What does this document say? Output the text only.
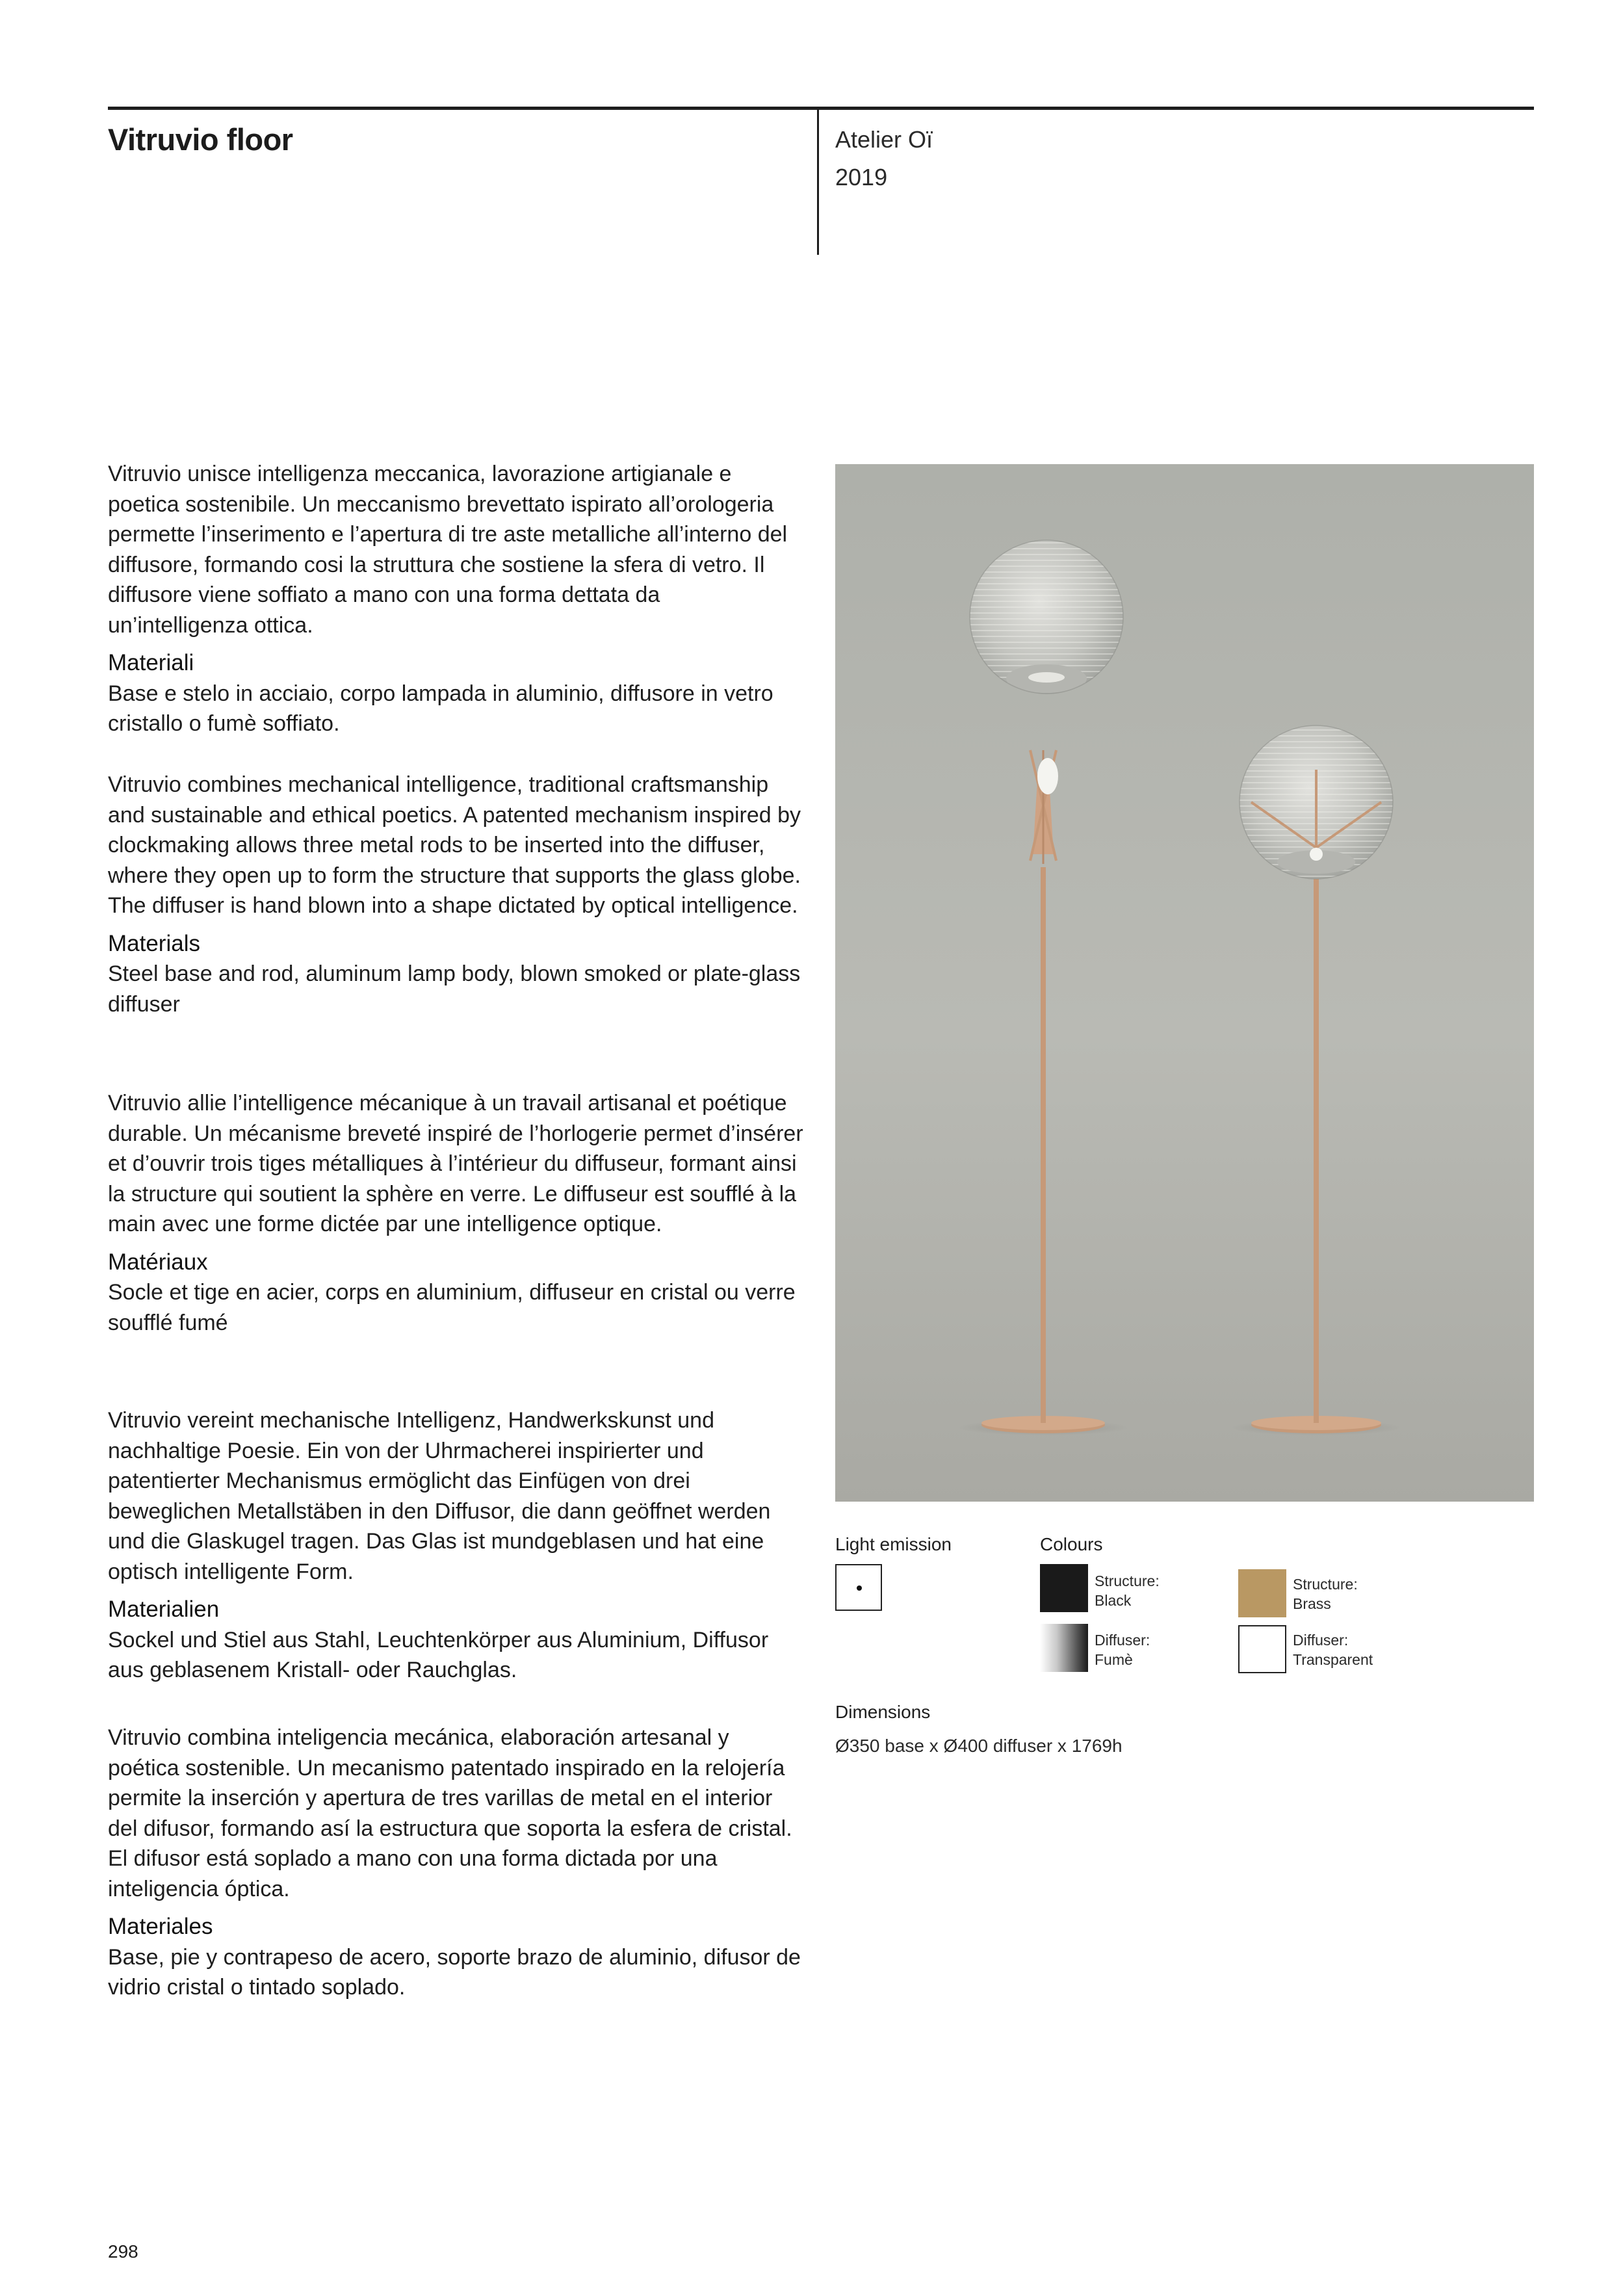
Vitruvio floor	Atelier Oï
2019

Vitruvio unisce intelligenza meccanica, lavorazione artigianale e poetica sostenibile. Un meccanismo brevettato ispirato all’orologeria permette l’inserimento e l’apertura di tre aste metalliche all’interno del diffusore, formando cosi la struttura che sostiene la sfera di vetro. Il diffusore viene soffiato a mano con una forma dettata da un’intelligenza ottica.

Materiali

Base e stelo in acciaio, corpo lampada in aluminio, diffusore in vetro cristallo o fumè soffiato.

Vitruvio combines mechanical intelligence, traditional craftsmanship and sustainable and ethical poetics. A patented mechanism inspired by clockmaking allows three metal rods to be inserted into the diffuser, where they open up to form the structure that supports the glass globe. The diffuser is hand blown into a shape dictated by optical intelligence.

Materials

Steel base and rod, aluminum lamp body, blown smoked or plate-glass diffuser

Vitruvio allie l’intelligence mécanique à un travail artisanal et poétique durable. Un mécanisme breveté inspiré de l’horlogerie permet d’insérer et d’ouvrir trois tiges métalliques à l’intérieur du diffuseur, formant ainsi la structure qui soutient la sphère en verre. Le diffuseur est soufflé à la main avec une forme dictée par une intelligence optique.

Matériaux

Socle et tige en acier, corps en aluminium, diffuseur en cristal ou verre soufflé fumé

Vitruvio vereint mechanische Intelligenz, Handwerkskunst und nachhaltige Poesie. Ein von der Uhrmacherei inspirierter und patentierter Mechanismus ermöglicht das Einfügen von drei beweglichen Metallstäben in den Diffusor, die dann geöffnet werden und die Glaskugel tragen. Das Glas ist mundgeblasen und hat eine optisch intelligente Form.

Materialien

Sockel und Stiel aus Stahl, Leuchtenkörper aus Aluminium, Diffusor aus geblasenem Kristall- oder Rauchglas.

Vitruvio combina inteligencia mecánica, elaboración artesanal y poética sostenible. Un mecanismo patentado inspirado en la relojería permite la inserción y apertura de tres varillas de metal en el interior del difusor, formando así la estructura que soporta la esfera de cristal. El difusor está soplado a mano con una forma dictada por una inteligencia óptica.

Materiales

Base, pie y contrapeso de acero, soporte brazo de aluminio, difusor de vidrio cristal o tintado soplado.

Light emission	Colours
Structure:
Black
Diffuser:
Fumè
Structure:
Brass
Diffuser:
Transparent
Dimensions
Ø350 base x Ø400 diffuser x 1769h
298
